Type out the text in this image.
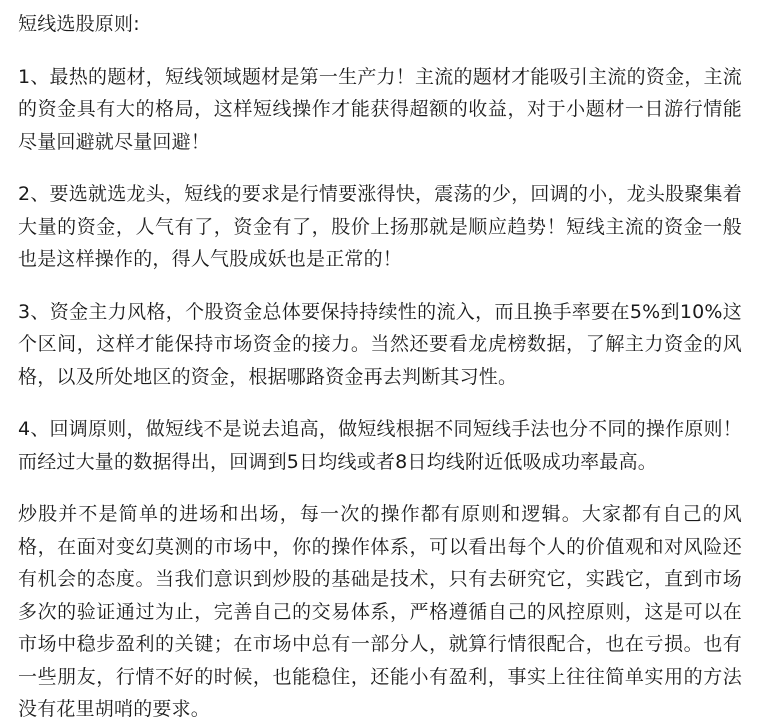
短线选股原则:

1、最热的题材，短线领域题材是第一生产力！主流的题材才能吸引主流的资金，主流的资金具有大的格局，这样短线操作才能获得超额的收益，对于小题材一日游行情能尽量回避就尽量回避！

2、要选就选龙头，短线的要求是行情要涨得快，震荡的少，回调的小，龙头股聚集着大量的资金，人气有了，资金有了，股价上扬那就是顺应趋势！短线主流的资金一般也是这样操作的，得人气股成妖也是正常的！

3、资金主力风格，个股资金总体要保持持续性的流入，而且换手率要在5%到10%这个区间，这样才能保持市场资金的接力。当然还要看龙虎榜数据，了解主力资金的风格，以及所处地区的资金，根据哪路资金再去判断其习性。

4、回调原则，做短线不是说去追高，做短线根据不同短线手法也分不同的操作原则！而经过大量的数据得出，回调到5日均线或者8日均线附近低吸成功率最高。

炒股并不是简单的进场和出场，每一次的操作都有原则和逻辑。大家都有自己的风格，在面对变幻莫测的市场中，你的操作体系，可以看出每个人的价值观和对风险还有机会的态度。当我们意识到炒股的基础是技术，只有去研究它，实践它，直到市场多次的验证通过为止，完善自己的交易体系，严格遵循自己的风控原则，这是可以在市场中稳步盈利的关键；在市场中总有一部分人，就算行情很配合，也在亏损。也有一些朋友，行情不好的时候，也能稳住，还能小有盈利，事实上往往简单实用的方法没有花里胡哨的要求。
